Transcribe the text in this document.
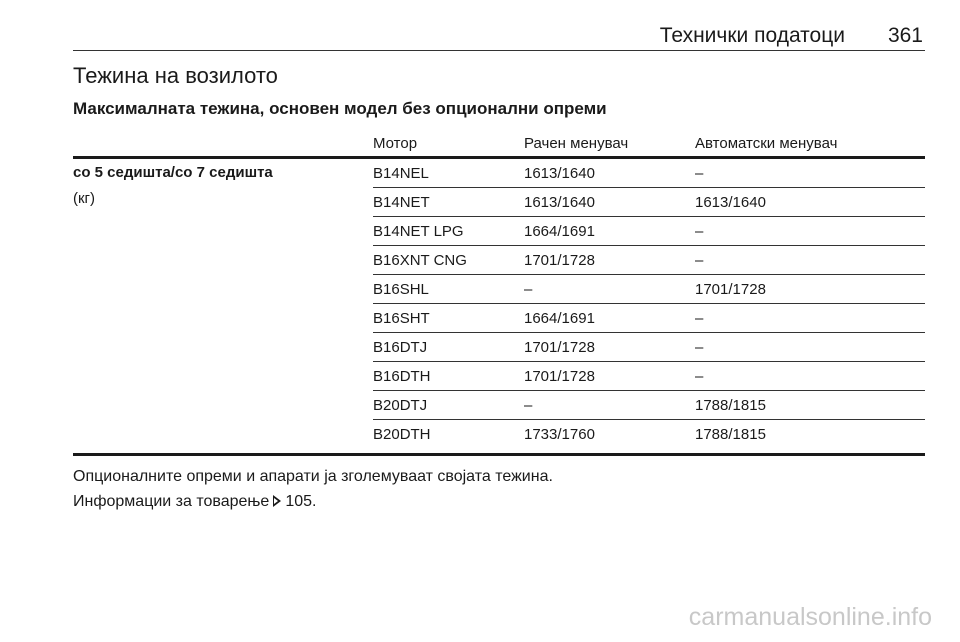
Технички податоци 361
Тежина на возилото
Максималната тежина, основен модел без опционални опреми
Мотор	Рачен менувач	Автоматски менувач
со 5 седишта/со 7 седишта
(кг)
B14NEL	1613/1640	–
B14NET	1613/1640	1613/1640
B14NET LPG	1664/1691	–
B16XNT CNG	1701/1728	–
B16SHL	–	1701/1728
B16SHT	1664/1691	–
B16DTJ	1701/1728	–
B16DTH	1701/1728	–
B20DTJ	–	1788/1815
B20DTH	1733/1760	1788/1815
Опционалните опреми и апарати ја зголемуваат својата тежина.
Информации за товарење 105.
carmanualsonline.info
